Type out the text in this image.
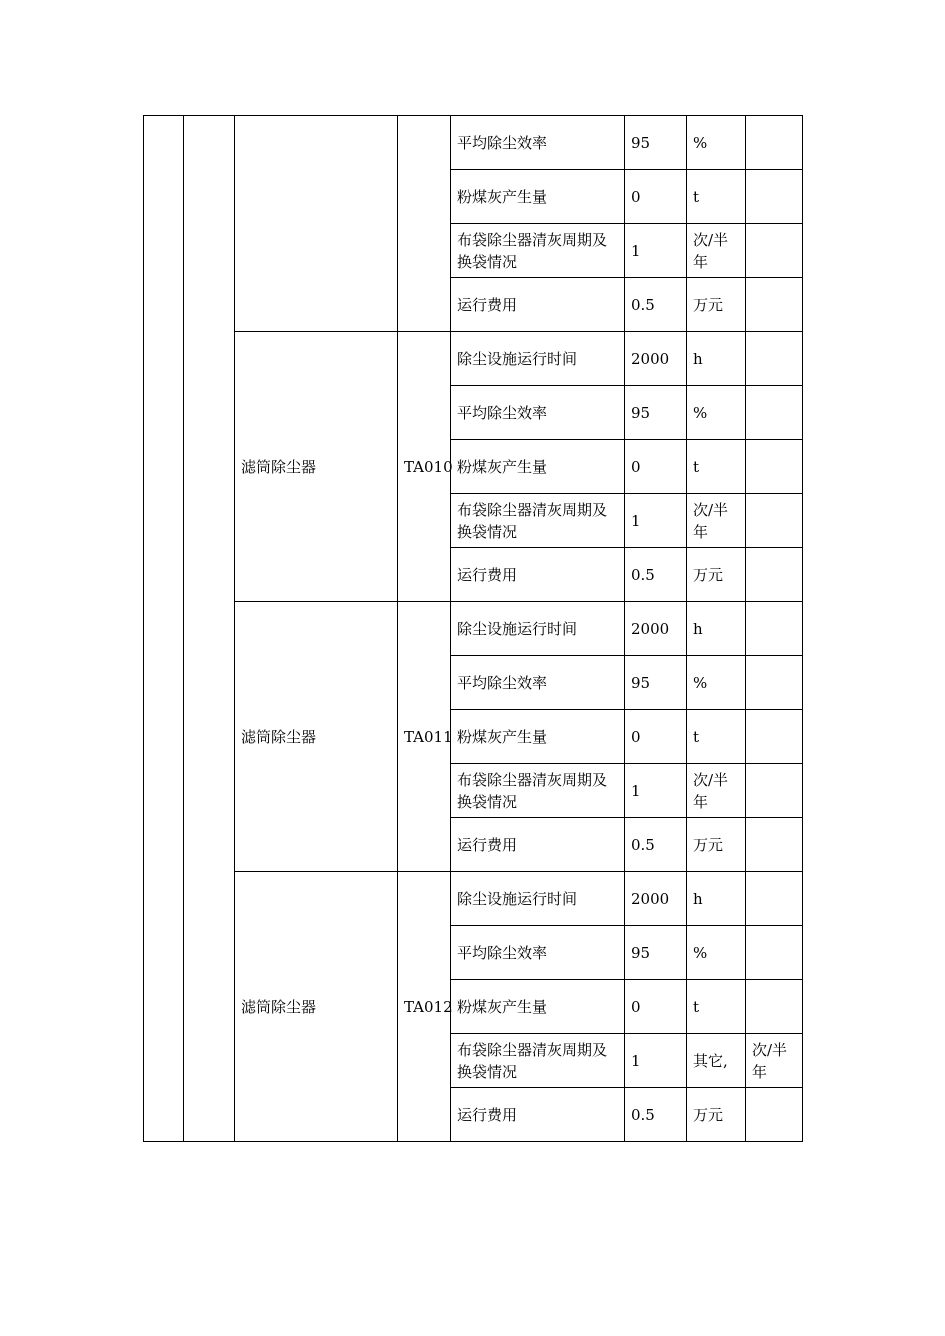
				平均除尘效率	95	%	
				粉煤灰产生量	0	t	
				布袋除尘器清灰周期及换袋情况	1	次/半年	
				运行费用	0.5	万元	
		滤筒除尘器	TA010	除尘设施运行时间	2000	h	
				平均除尘效率	95	%	
				粉煤灰产生量	0	t	
				布袋除尘器清灰周期及换袋情况	1	次/半年	
				运行费用	0.5	万元	
		滤筒除尘器	TA011	除尘设施运行时间	2000	h	
				平均除尘效率	95	%	
				粉煤灰产生量	0	t	
				布袋除尘器清灰周期及换袋情况	1	次/半年	
				运行费用	0.5	万元	
		滤筒除尘器	TA012	除尘设施运行时间	2000	h	
				平均除尘效率	95	%	
				粉煤灰产生量	0	t	
				布袋除尘器清灰周期及换袋情况	1	其它,	次/半年
				运行费用	0.5	万元	
